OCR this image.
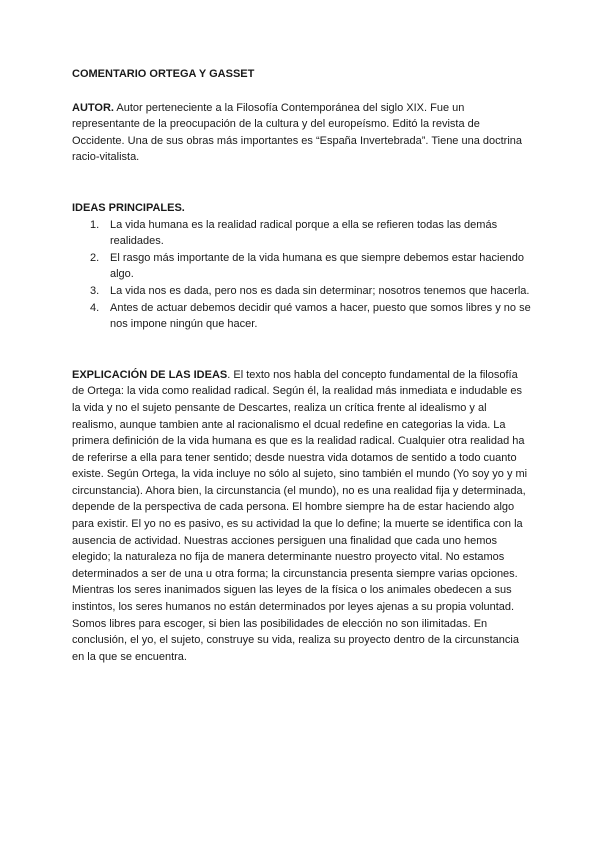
COMENTARIO ORTEGA Y GASSET

AUTOR. Autor perteneciente a la Filosofía Contemporánea del siglo XIX. Fue un representante de la preocupación de la cultura y del europeísmo. Editó la revista de Occidente. Una de sus obras más importantes es “España Invertebrada”. Tiene una doctrina racio-vitalista.

IDEAS PRINCIPALES.

1. La vida humana es la realidad radical porque a ella se refieren todas las demás realidades.
2. El rasgo más importante de la vida humana es que siempre debemos estar haciendo algo.
3. La vida nos es dada, pero nos es dada sin determinar; nosotros tenemos que hacerla.
4. Antes de actuar debemos decidir qué vamos a hacer, puesto que somos libres y no se nos impone ningún que hacer.

EXPLICACIÓN DE LAS IDEAS. El texto nos habla del concepto fundamental de la filosofía de Ortega: la vida como realidad radical. Según él, la realidad más inmediata e indudable es la vida y no el sujeto pensante de Descartes, realiza un crítica frente al idealismo y al realismo, aunque tambien ante al racionalismo el dcual redefine en categorias la vida. La primera definición de la vida humana es que es la realidad radical. Cualquier otra realidad ha de referirse a ella para tener sentido; desde nuestra vida dotamos de sentido a todo cuanto existe. Según Ortega, la vida incluye no sólo al sujeto, sino también el mundo (Yo soy yo y mi circunstancia). Ahora bien, la circunstancia (el mundo), no es una realidad fija y determinada, depende de la perspectiva de cada persona. El hombre siempre ha de estar haciendo algo para existir. El yo no es pasivo, es su actividad la que lo define; la muerte se identifica con la ausencia de actividad. Nuestras acciones persiguen una finalidad que cada uno hemos elegido; la naturaleza no fija de manera determinante nuestro proyecto vital. No estamos determinados a ser de una u otra forma; la circunstancia presenta siempre varias opciones. Mientras los seres inanimados siguen las leyes de la física o los animales obedecen a sus instintos, los seres humanos no están determinados por leyes ajenas a su propia voluntad. Somos libres para escoger, si bien las posibilidades de elección no son ilimitadas. En conclusión, el yo, el sujeto, construye su vida, realiza su proyecto dentro de la circunstancia en la que se encuentra.
